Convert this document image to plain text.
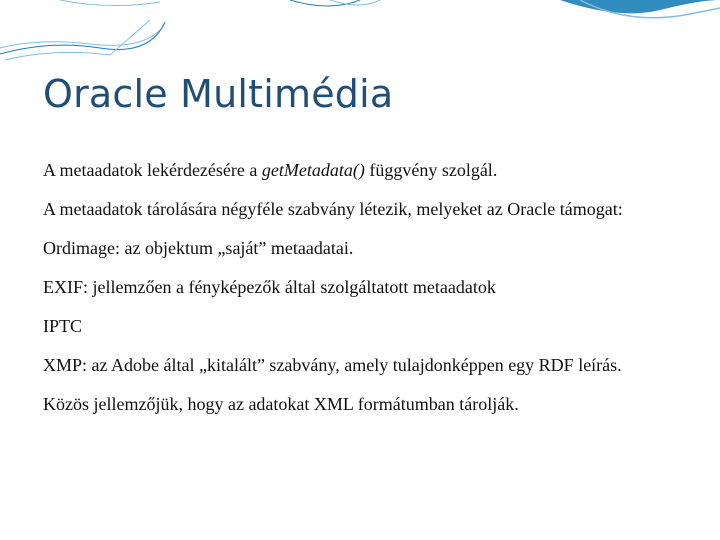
Oracle Multimédia

A metaadatok lekérdezésére a getMetadata() függvény szolgál.

A metaadatok tárolására négyféle szabvány létezik, melyeket az Oracle támogat:

Ordimage: az objektum „saját” metaadatai.

EXIF: jellemzően a fényképezők által szolgáltatott metaadatok

IPTC

XMP: az Adobe által „kitalált” szabvány, amely tulajdonképpen egy RDF leírás.

Közös jellemzőjük, hogy az adatokat XML formátumban tárolják.
